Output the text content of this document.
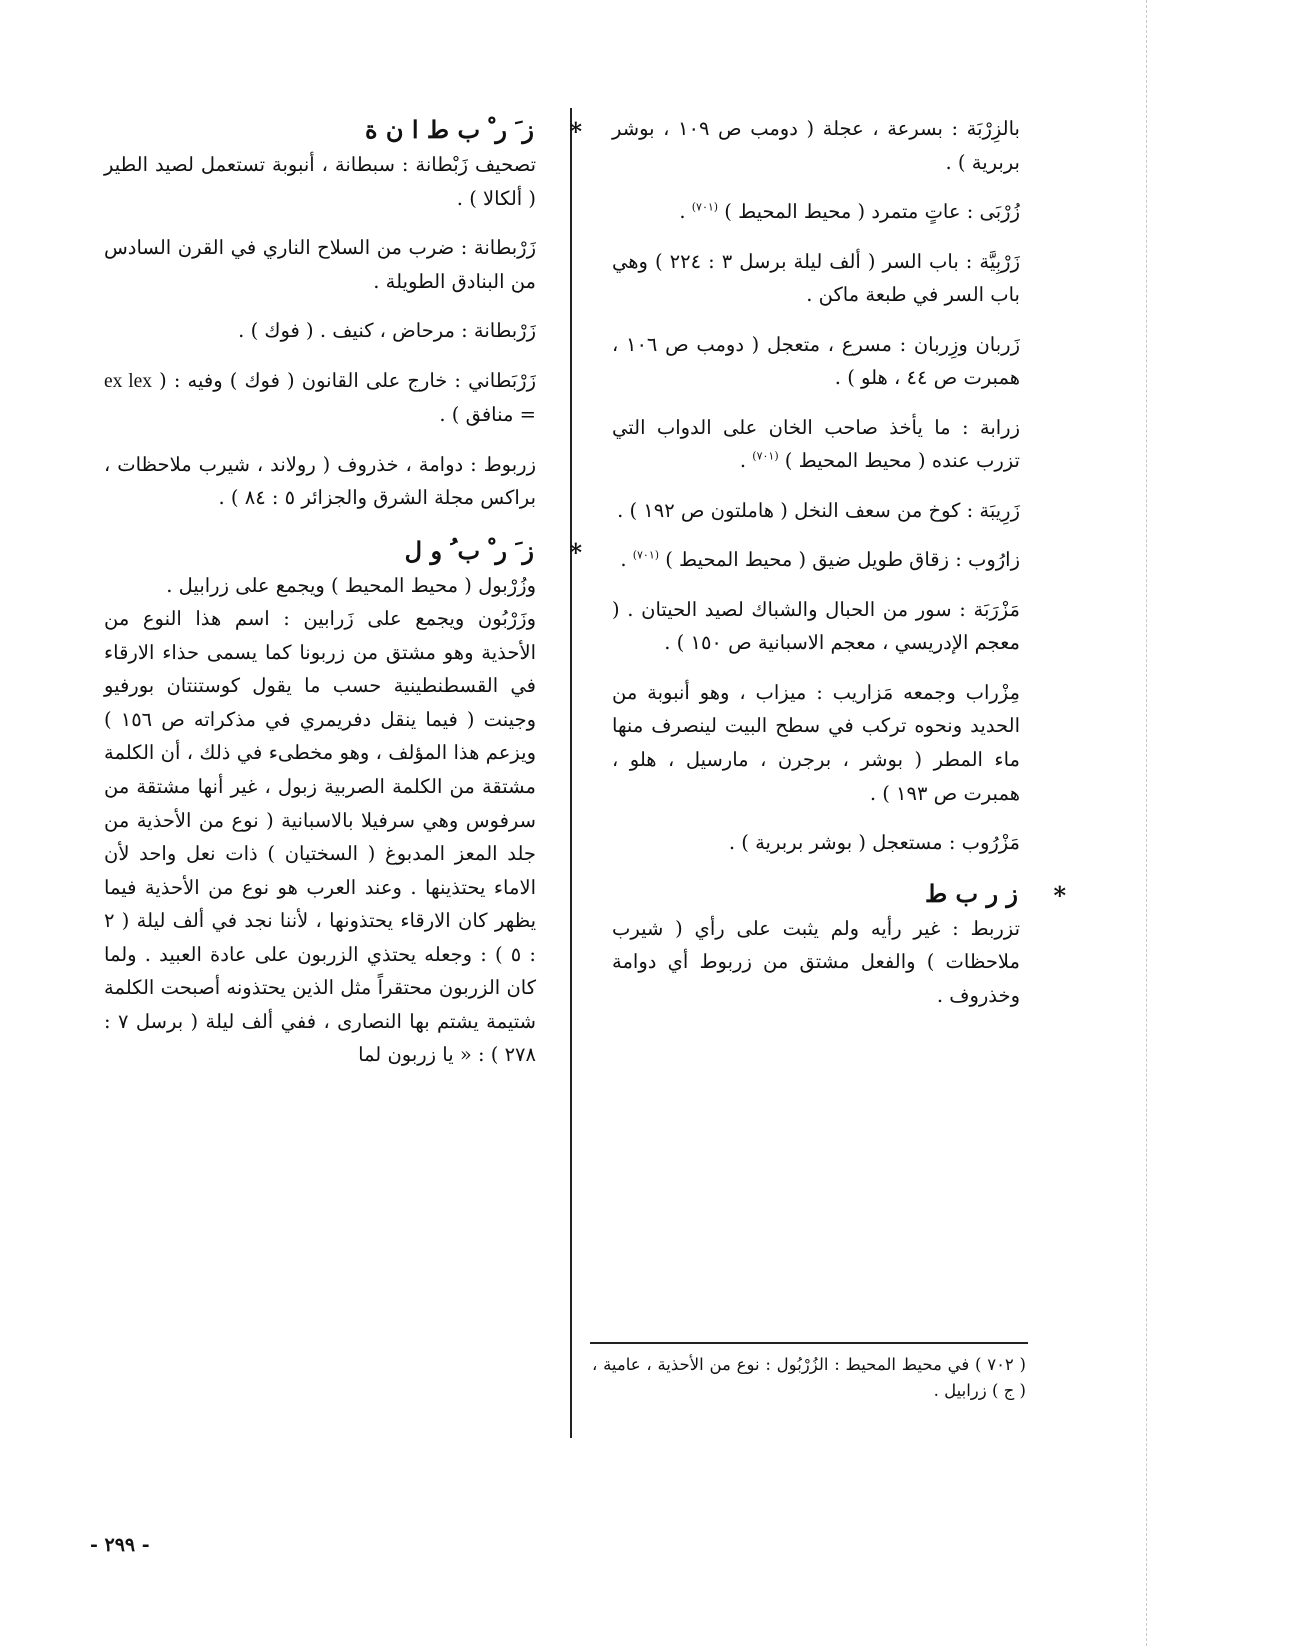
بالزِرْبَة : بسرعة ، عجلة ( دومب ص ١٠٩ ، بوشر بربرية ) .
زُرْبَى : عاتٍ متمرد ( محيط المحيط ) $^{(٧٠١)}$ .
زَرْبِيَّة : باب السر ( ألف ليلة برسل ٣ : ٢٢٤ ) وهي باب السر في طبعة ماكن .
زَربان وزِربان : مسرع ، متعجل ( دومب ص ١٠٦ ، همبرت ص ٤٤ ، هلو ) .
زرابة : ما يأخذ صاحب الخان على الدواب التي تزرب عنده ( محيط المحيط ) $^{(٧٠١)}$ .
زَرِيبَة : كوخ من سعف النخل ( هاملتون ص ١٩٢ ) .
زارُوب : زقاق طويل ضيق ( محيط المحيط ) $^{(٧٠١)}$ .
مَزْرَبَة : سور من الحبال والشباك لصيد الحيتان . ( معجم الإدريسي ، معجم الاسبانية ص ١٥٠ ) .
مِزْراب وجمعه مَزاريب : ميزاب ، وهو أنبوبة من الحديد ونحوه تركب في سطح البيت لينصرف منها ماء المطر ( بوشر ، برجرن ، مارسيل ، هلو ، همبرت ص ١٩٣ ) .
مَزْرُوب : مستعجل ( بوشر بربرية ) .
*
ز ر ب ط
تزربط : غير رأيه ولم يثبت على رأي ( شيرب ملاحظات ) والفعل مشتق من زربوط أي دوامة وخذروف .
( ٧٠٢ ) في محيط المحيط : الزُرْبُول : نوع من الأحذية ، عامية ، ( ج ) زرابيل .
*
ز َ ر ْ ب ط ا ن ة
تصحيف زَبْطانة : سبطانة ، أنبوبة تستعمل لصيد الطير ( ألكالا ) .
زَرْبطانة : ضرب من السلاح الناري في القرن السادس من البنادق الطويلة .
زَرْبطانة : مرحاض ، كنيف . ( فوك ) .
زَرْبَطاني : خارج على القانون ( فوك ) وفيه : ( ex lex = منافق ) .
زربوط : دوامة ، خذروف ( رولاند ، شيرب ملاحظات ، براكس مجلة الشرق والجزائر ٥ : ٨٤ ) .
*
ز َ ر ْ ب ُ و ل

وزُرْبول ( محيط المحيط ) ويجمع على زرابيل .

وزَرْبُون ويجمع على زَرابين : اسم هذا النوع من الأحذية وهو مشتق من زربونا كما يسمى حذاء الارقاء في القسطنطينية حسب ما يقول كوستنتان بورفيو وجينت ( فيما ينقل دفريمري في مذكراته ص ١٥٦ ) ويزعم هذا المؤلف ، وهو مخطىء في ذلك ، أن الكلمة مشتقة من الكلمة الصربية زبول ، غير أنها مشتقة من سرفوس وهي سرفيلا بالاسبانية ( نوع من الأحذية من جلد المعز المدبوغ ( السختيان ) ذات نعل واحد لأن الاماء يحتذينها . وعند العرب هو نوع من الأحذية فيما يظهر كان الارقاء يحتذونها ، لأننا نجد في ألف ليلة ( ٢ : ٥ ) : وجعله يحتذي الزربون على عادة العبيد . ولما كان الزربون محتقراً مثل الذين يحتذونه أصبحت الكلمة شتيمة يشتم بها النصارى ، ففي ألف ليلة ( برسل ٧ : ٢٧٨ ) : « يا زربون لما

- ٢٩٩ -
